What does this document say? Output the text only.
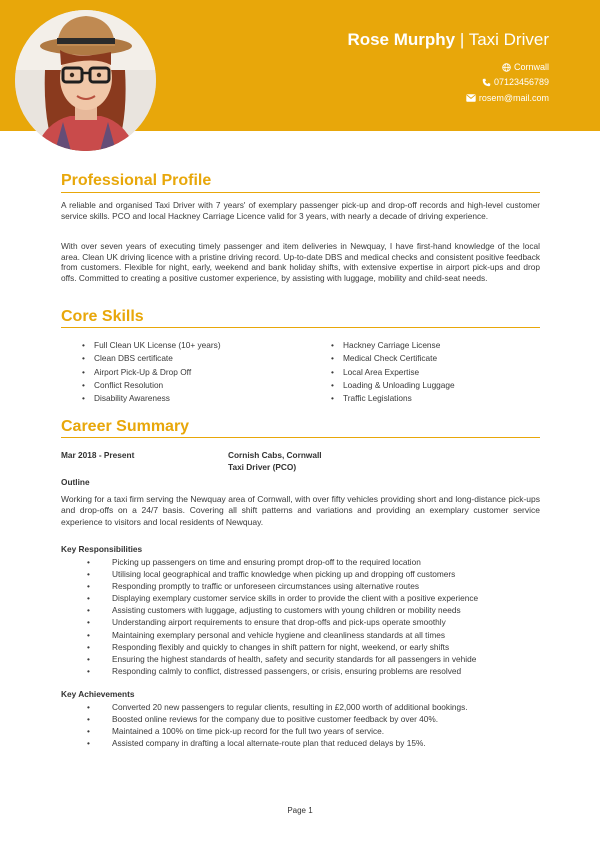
Rose Murphy | Taxi Driver
Cornwall
07123456789
rosem@mail.com
Professional Profile

A reliable and organised Taxi Driver with 7 years' of exemplary passenger pick-up and drop-off records and high-level customer service skills. PCO and local Hackney Carriage Licence valid for 3 years, with nearly a decade of driving experience.

With over seven years of executing timely passenger and item deliveries in Newquay, I have first-hand knowledge of the local area. Clean UK driving licence with a pristine driving record. Up-to-date DBS and medical checks and consistent positive feedback from customers. Flexible for night, early, weekend and bank holiday shifts, with extensive expertise in airport pick-ups and drop offs. Committed to creating a positive customer experience, by assisting with luggage, mobility and child-seat needs.

Core Skills
• Full Clean UK License (10+ years)
• Clean DBS certificate
• Airport Pick-Up & Drop Off
• Conflict Resolution
• Disability Awareness
• Hackney Carriage License
• Medical Check Certificate
• Local Area Expertise
• Loading & Unloading Luggage
• Traffic Legislations
Career Summary
Mar 2018 - Present	Cornish Cabs, Cornwall
Taxi Driver (PCO)
Outline

Working for a taxi firm serving the Newquay area of Cornwall, with over fifty vehicles providing short and long-distance pick-ups and drop-offs on a 24/7 basis. Covering all shift patterns and variations and providing an exemplary customer service experience to visitors and local residents of Newquay.

Key Responsibilities
• Picking up passengers on time and ensuring prompt drop-off to the required location
• Utilising local geographical and traffic knowledge when picking up and dropping off customers
• Responding promptly to traffic or unforeseen circumstances using alternative routes
• Displaying exemplary customer service skills in order to provide the client with a positive experience
• Assisting customers with luggage, adjusting to customers with young children or mobility needs
• Understanding airport requirements to ensure that drop-offs and pick-ups operate smoothly
• Maintaining exemplary personal and vehicle hygiene and cleanliness standards at all times
• Responding flexibly and quickly to changes in shift pattern for night, weekend, or early shifts
• Ensuring the highest standards of health, safety and security standards for all passengers in vehide
• Responding calmly to conflict, distressed passengers, or crisis, ensuring problems are resolved
Key Achievements
• Converted 20 new passengers to regular clients, resulting in £2,000 worth of additional bookings.
• Boosted online reviews for the company due to positive customer feedback by over 40%.
• Maintained a 100% on time pick-up record for the full two years of service.
• Assisted company in drafting a local alternate-route plan that reduced delays by 15%.
Page 1
